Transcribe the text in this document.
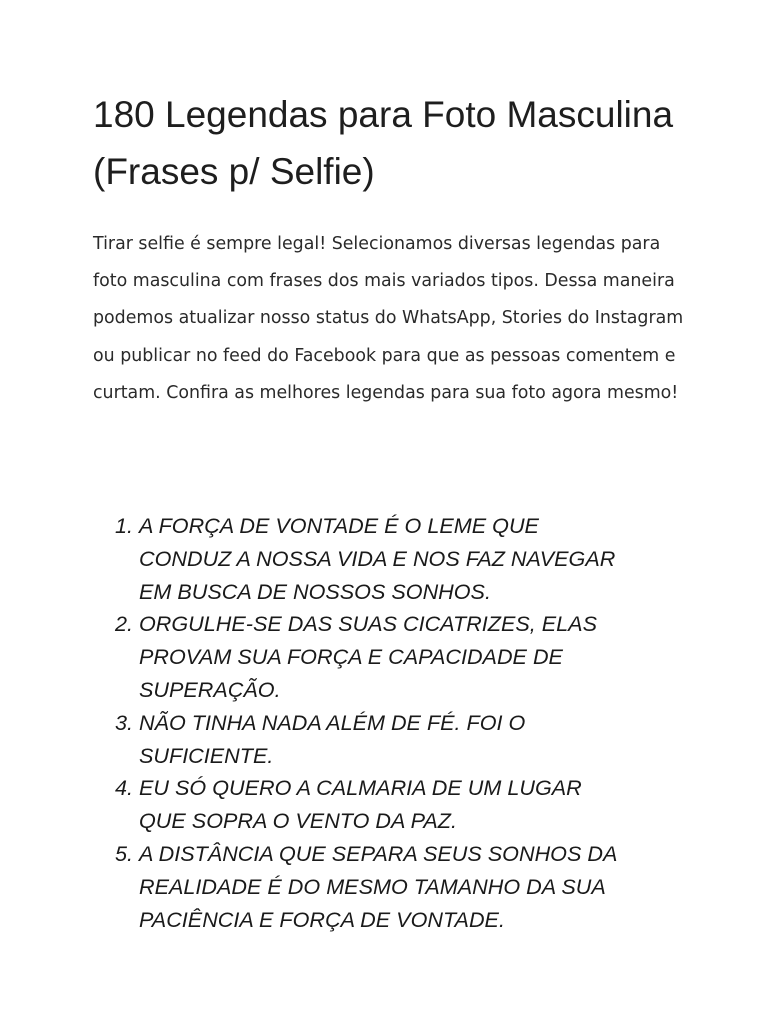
180 Legendas para Foto Masculina (Frases p/ Selfie)

Tirar selfie é sempre legal! Selecionamos diversas legendas para foto masculina com frases dos mais variados tipos. Dessa maneira podemos atualizar nosso status do WhatsApp, Stories do Instagram ou publicar no feed do Facebook para que as pessoas comentem e curtam. Confira as melhores legendas para sua foto agora mesmo!

1. A FORÇA DE VONTADE É O LEME QUE CONDUZ A NOSSA VIDA E NOS FAZ NAVEGAR EM BUSCA DE NOSSOS SONHOS.
2. ORGULHE-SE DAS SUAS CICATRIZES, ELAS PROVAM SUA FORÇA E CAPACIDADE DE SUPERAÇÃO.
3. NÃO TINHA NADA ALÉM DE FÉ. FOI O SUFICIENTE.
4. EU SÓ QUERO A CALMARIA DE UM LUGAR QUE SOPRA O VENTO DA PAZ.
5. A DISTÂNCIA QUE SEPARA SEUS SONHOS DA REALIDADE É DO MESMO TAMANHO DA SUA PACIÊNCIA E FORÇA DE VONTADE.
